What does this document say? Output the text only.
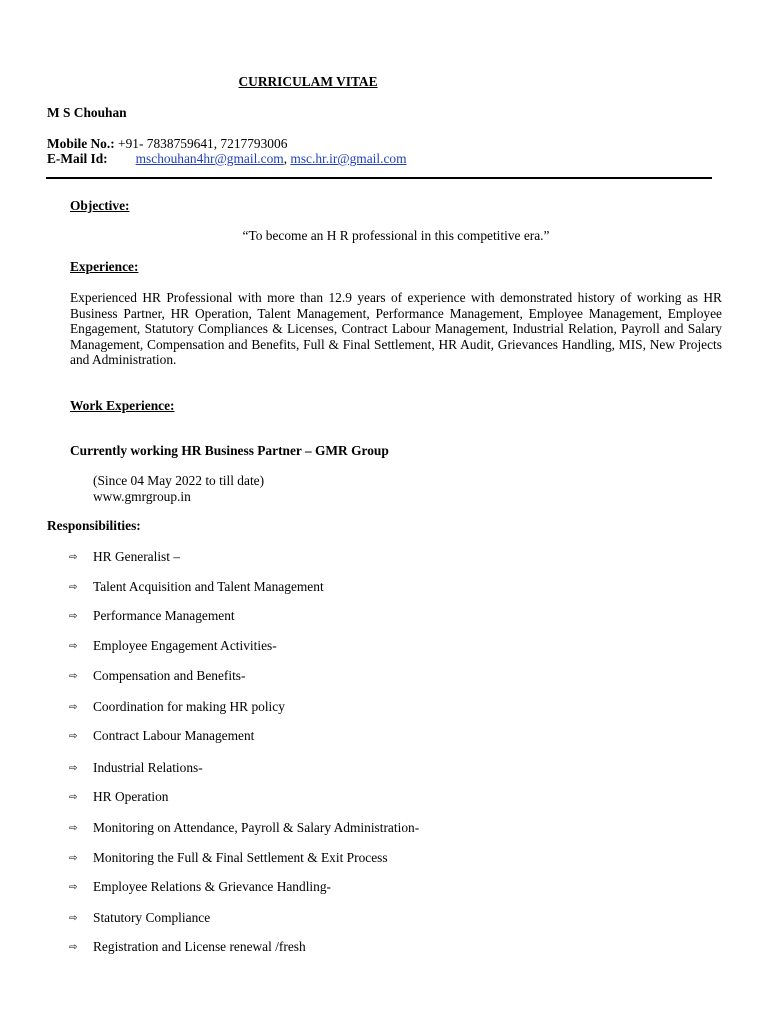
CURRICULAM VITAE
M S Chouhan
Mobile No.: +91- 7838759641, 7217793006
E-Mail Id: mschouhan4hr@gmail.com, msc.hr.ir@gmail.com
Objective:
“To become an H R professional in this competitive era.”
Experience:
Experienced HR Professional with more than 12.9 years of experience with demonstrated history of working as HR Business Partner, HR Operation, Talent Management, Performance Management, Employee Management, Employee Engagement, Statutory Compliances & Licenses, Contract Labour Management, Industrial Relation, Payroll and Salary Management, Compensation and Benefits, Full & Final Settlement, HR Audit, Grievances Handling, MIS, New Projects and Administration.
Work Experience:
Currently working HR Business Partner – GMR Group
(Since 04 May 2022 to till date)
www.gmrgroup.in
Responsibilities:
⇨ HR Generalist –
⇨ Talent Acquisition and Talent Management
⇨ Performance Management
⇨ Employee Engagement Activities-
⇨ Compensation and Benefits-
⇨ Coordination for making HR policy
⇨ Contract Labour Management
⇨ Industrial Relations-
⇨ HR Operation
⇨ Monitoring on Attendance, Payroll & Salary Administration-
⇨ Monitoring the Full & Final Settlement & Exit Process
⇨ Employee Relations & Grievance Handling-
⇨ Statutory Compliance
⇨ Registration and License renewal /fresh
